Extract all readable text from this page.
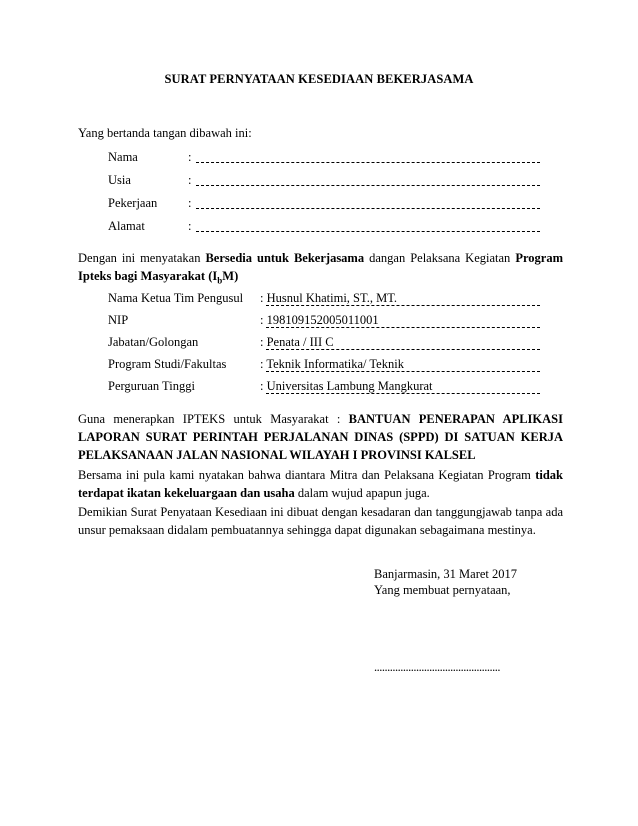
SURAT PERNYATAAN KESEDIAAN BEKERJASAMA
Yang bertanda tangan dibawah ini:
Nama	:
Usia	:
Pekerjaan :
Alamat	:
Dengan ini menyatakan Bersedia untuk Bekerjasama dangan Pelaksana Kegiatan Program Ipteks bagi Masyarakat $(I_bM)$
Nama Ketua Tim Pengusul : Husnul Khatimi, ST., MT.
NIP	: 198109152005011001
Jabatan/Golongan	: Penata / III C
Program Studi/Fakultas	: Teknik Informatika/ Teknik
Perguruan Tinggi	: Universitas Lambung Mangkurat
Guna menerapkan IPTEKS untuk Masyarakat : BANTUAN PENERAPAN APLIKASI LAPORAN SURAT PERINTAH PERJALANAN DINAS (SPPD) DI SATUAN KERJA PELAKSANAAN JALAN NASIONAL WILAYAH I PROVINSI KALSEL
Bersama ini pula kami nyatakan bahwa diantara Mitra dan Pelaksana Kegiatan Program tidak terdapat ikatan kekeluargaan dan usaha dalam wujud apapun juga.
Demikian Surat Penyataan Kesediaan ini dibuat dengan kesadaran dan tanggungjawab tanpa ada unsur pemaksaan didalam pembuatannya sehingga dapat digunakan sebagaimana mestinya.
Banjarmasin, 31 Maret 2017
Yang membuat pernyataan,
................................................
